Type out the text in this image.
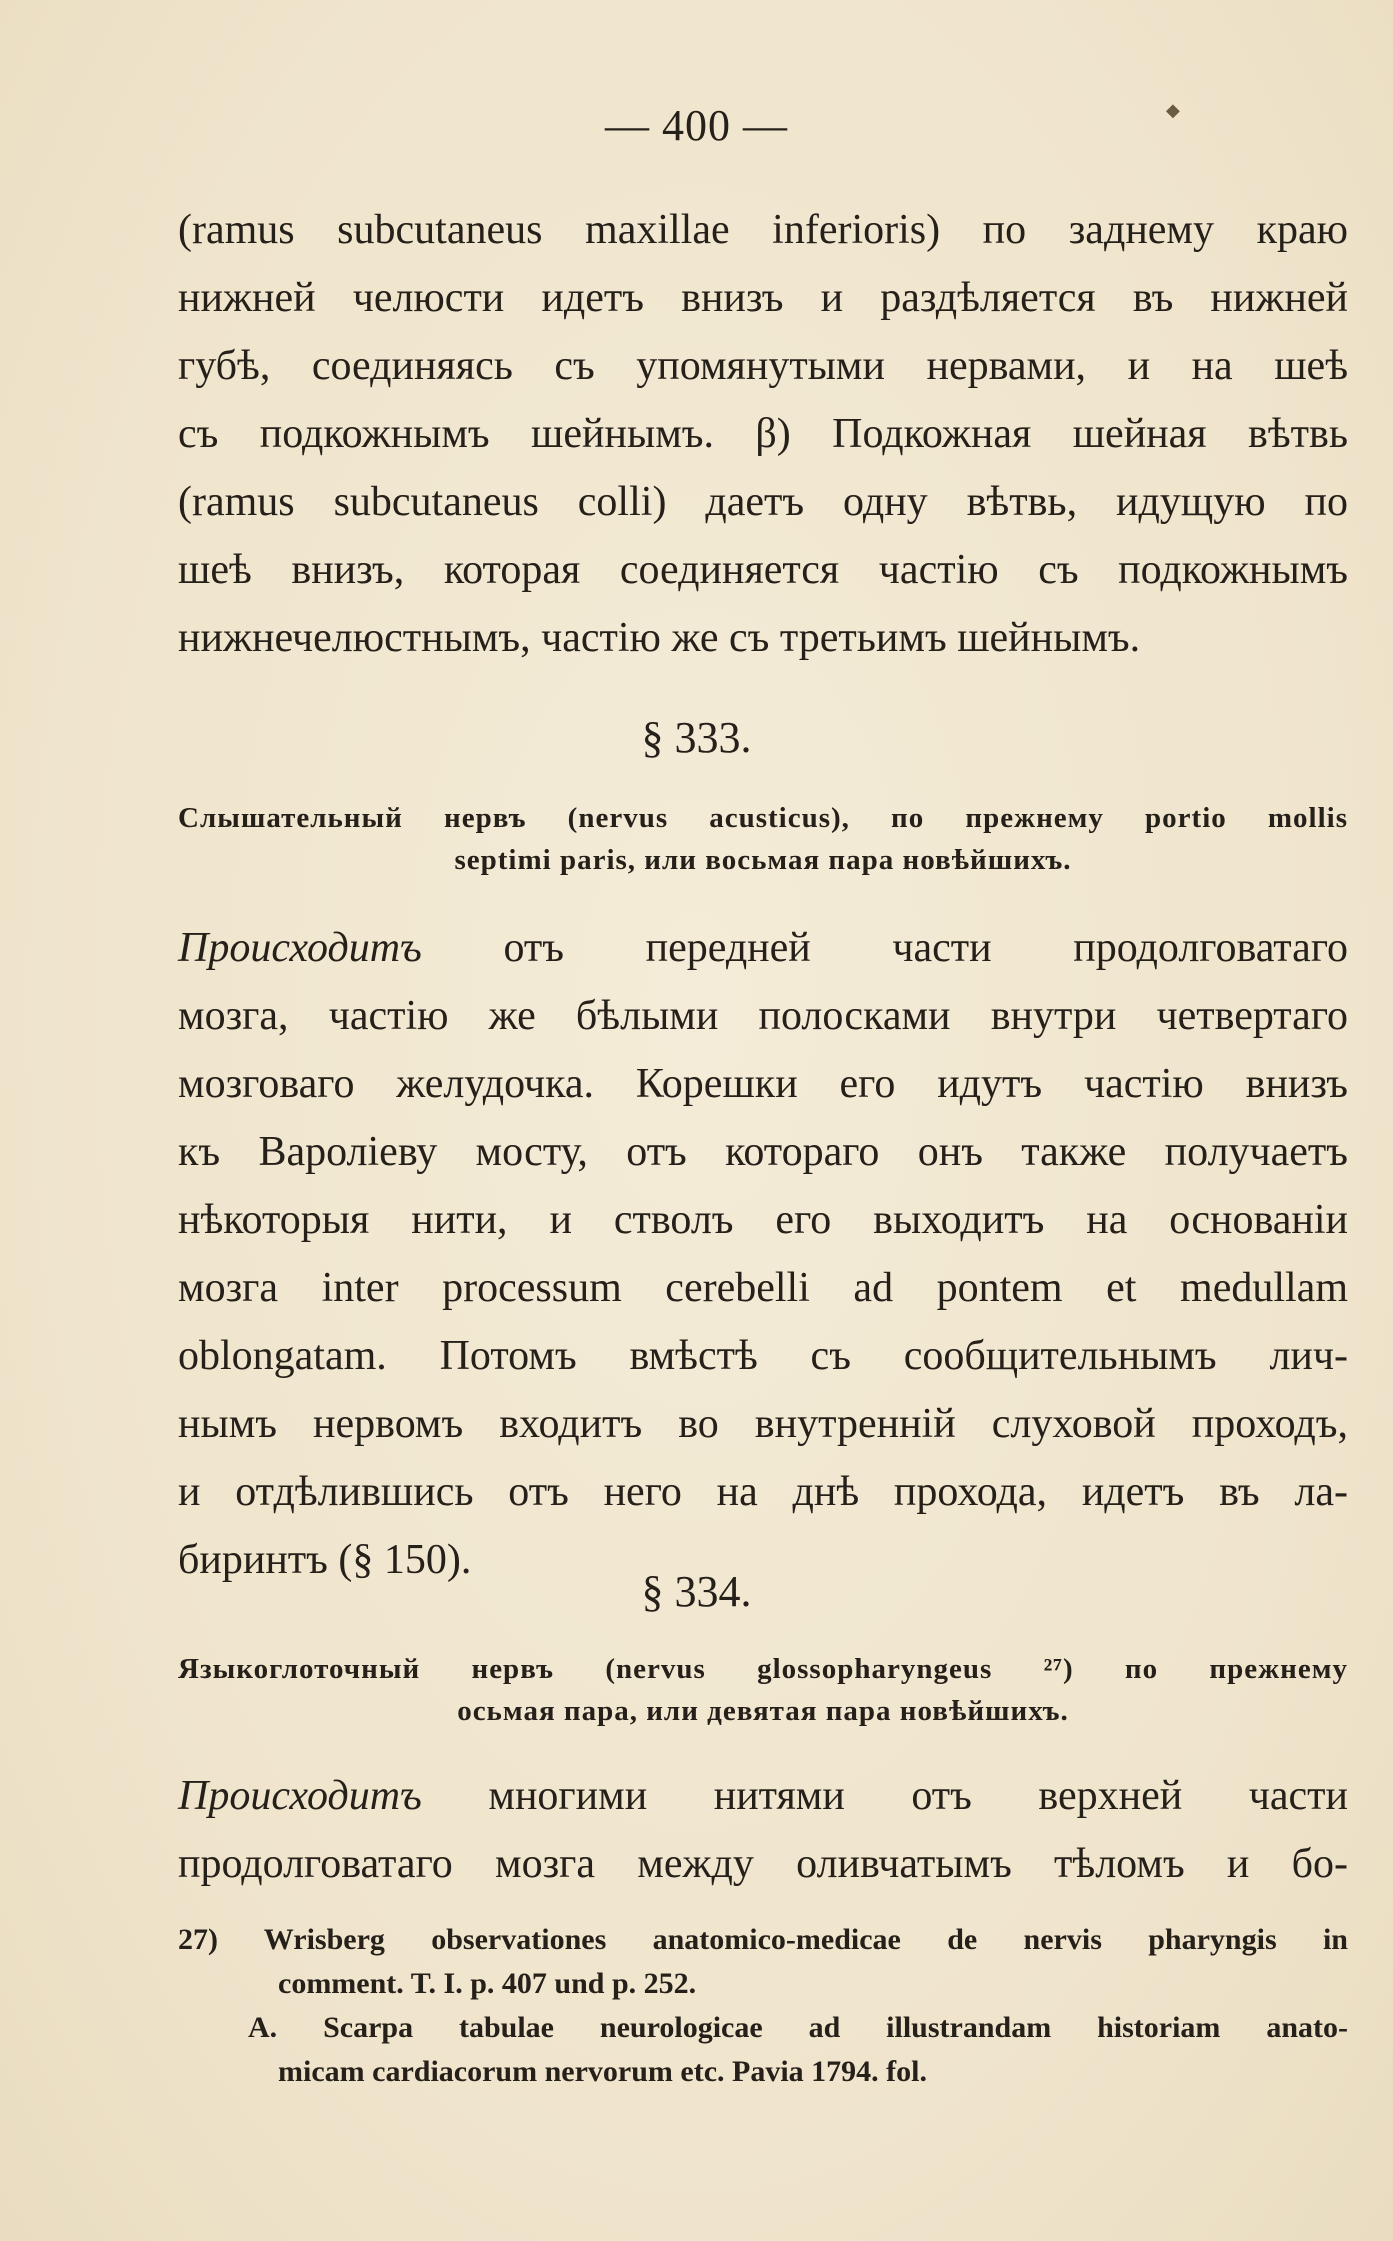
— 400 —
(ramus subcutaneus maxillae inferioris) по заднему краю
нижней челюсти идетъ внизъ и раздѣляется въ нижней
губѣ, соединяясь съ упомянутыми нервами, и на шеѣ
съ подкожнымъ шейнымъ. β) Подкожная шейная вѣтвь
(ramus subcutaneus colli) даетъ одну вѣтвь, идущую по
шеѣ внизъ, которая соединяется частію съ подкожнымъ
нижнечелюстнымъ, частію же съ третьимъ шейнымъ.
§ 333.
Слышательный нервъ (nervus acusticus), по прежнему portio mollis
septimi paris, или восьмая пара новѣйшихъ.
Происходитъ отъ передней части продолговатаго
мозга, частію же бѣлыми полосками внутри четвертаго
мозговаго желудочка. Корешки его идутъ частію внизъ
къ Вароліеву мосту, отъ котораго онъ также получаетъ
нѣкоторыя нити, и стволъ его выходитъ на основаніи
мозга inter processum cerebelli ad pontem et medullam
oblongatam. Потомъ вмѣстѣ съ сообщительнымъ лич-
нымъ нервомъ входитъ во внутренній слуховой проходъ,
и отдѣлившись отъ него на днѣ прохода, идетъ въ ла-
биринтъ (§ 150).
§ 334.
Языкоглоточный нервъ (nervus glossopharyngeus ²⁷) по прежнему
осьмая пара, или девятая пара новѣйшихъ.
Происходитъ многими нитями отъ верхней части
продолговатаго мозга между оливчатымъ тѣломъ и бо-
27) Wrisberg observationes anatomico-medicae de nervis pharyngis in
comment. T. I. p. 407 und p. 252.
A. Scarpa tabulae neurologicae ad illustrandam historiam anato-
micam cardiacorum nervorum etc. Pavia 1794. fol.
◆
